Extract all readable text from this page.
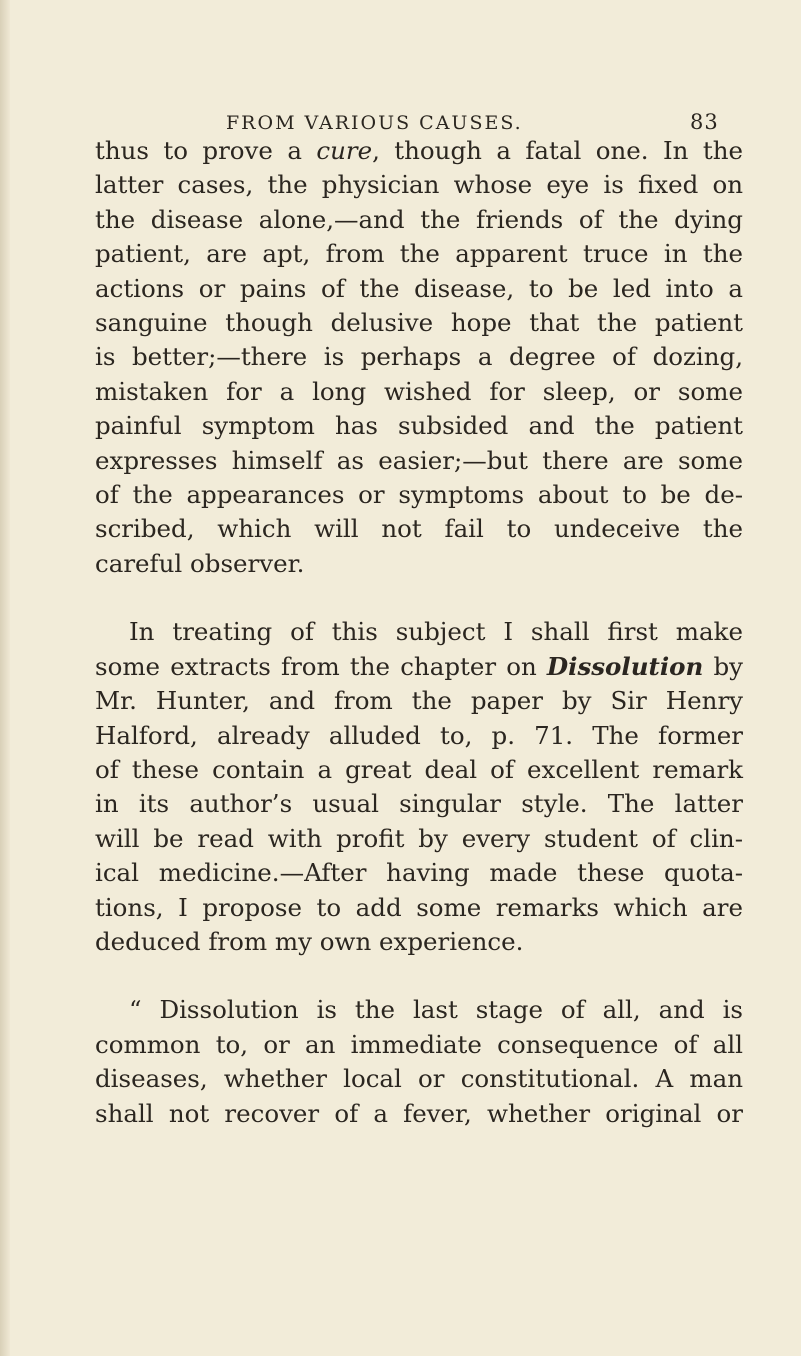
FROM VARIOUS CAUSES.	83
thus to prove a cure, though a fatal one. In the
latter cases, the physician whose eye is fixed on
the disease alone,—and the friends of the dying
patient, are apt, from the apparent truce in the
actions or pains of the disease, to be led into a
sanguine though delusive hope that the patient
is better;—there is perhaps a degree of dozing,
mistaken for a long wished for sleep, or some
painful symptom has subsided and the patient
expresses himself as easier;—but there are some
of the appearances or symptoms about to be de-
scribed, which will not fail to undeceive the
careful observer.
In treating of this subject I shall first make
some extracts from the chapter on Dissolution by
Mr. Hunter, and from the paper by Sir Henry
Halford, already alluded to, p. 71. The former
of these contain a great deal of excellent remark
in its author’s usual singular style. The latter
will be read with profit by every student of clin-
ical medicine.—After having made these quota-
tions, I propose to add some remarks which are
deduced from my own experience.
“ Dissolution is the last stage of all, and is
common to, or an immediate consequence of all
diseases, whether local or constitutional. A man
shall not recover of a fever, whether original or
